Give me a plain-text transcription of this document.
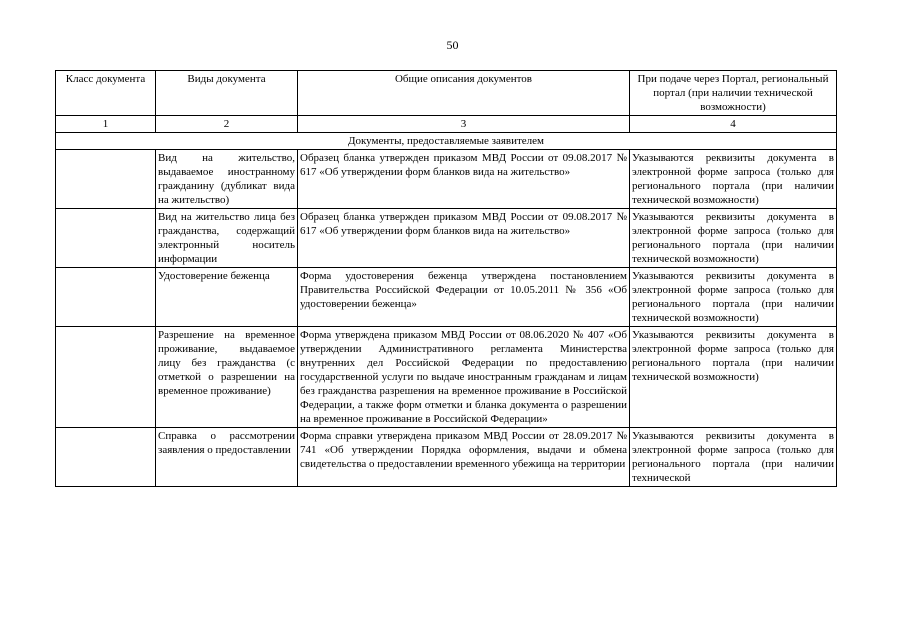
50
Класс документа	Виды документа	Общие описания документов	При подаче через Портал, региональный портал (при наличии технической возможности)
1	2	3	4
Документы, предоставляемые заявителем			
	Вид на жительство, выдаваемое иностранному гражданину (дубликат вида на жительство)	Образец бланка утвержден приказом МВД России от 09.08.2017 № 617 «Об утверждении форм бланков вида на жительство»	Указываются реквизиты документа в электронной форме запроса (только для регионального портала (при наличии технической возможности)
	Вид на жительство лица без гражданства, содержащий электронный носитель информации	Образец бланка утвержден приказом МВД России от 09.08.2017 № 617 «Об утверждении форм бланков вида на жительство»	Указываются реквизиты документа в электронной форме запроса (только для регионального портала (при наличии технической возможности)
	Удостоверение беженца	Форма удостоверения беженца утверждена постановлением Правительства Российской Федерации от 10.05.2011 № 356 «Об удостоверении беженца»	Указываются реквизиты документа в электронной форме запроса (только для регионального портала (при наличии технической возможности)
	Разрешение на временное проживание, выдаваемое лицу без гражданства (с отметкой о разрешении на временное проживание)	Форма утверждена приказом МВД России от 08.06.2020 № 407 «Об утверждении Административного регламента Министерства внутренних дел Российской Федерации по предоставлению государственной услуги по выдаче иностранным гражданам и лицам без гражданства разрешения на временное проживание в Российской Федерации, а также форм отметки и бланка документа о разрешении на временное проживание в Российской Федерации»	Указываются реквизиты документа в электронной форме запроса (только для регионального портала (при наличии технической возможности)
	Справка о рассмотрении заявления о предоставлении	Форма справки утверждена приказом МВД России от 28.09.2017 № 741 «Об утверждении Порядка оформления, выдачи и обмена свидетельства о предоставлении временного убежища на территории	Указываются реквизиты документа в электронной форме запроса (только для регионального портала (при наличии технической
